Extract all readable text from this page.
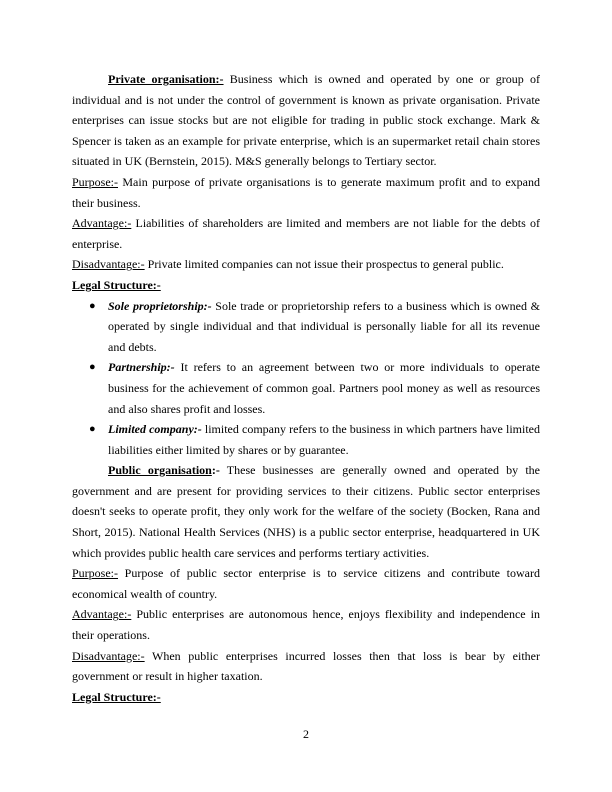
Private organisation:- Business which is owned and operated by one or group of individual and is not under the control of government is known as private organisation. Private enterprises can issue stocks but are not eligible for trading in public stock exchange. Mark & Spencer is taken as an example for private enterprise, which is an supermarket retail chain stores situated in UK (Bernstein, 2015). M&S generally belongs to Tertiary sector.

Purpose:- Main purpose of private organisations is to generate maximum profit and to expand their business.

Advantage:- Liabilities of shareholders are limited and members are not liable for the debts of enterprise.

Disadvantage:- Private limited companies can not issue their prospectus to general public.

Legal Structure:-

● Sole proprietorship:- Sole trade or proprietorship refers to a business which is owned & operated by single individual and that individual is personally liable for all its revenue and debts.
● Partnership:- It refers to an agreement between two or more individuals to operate business for the achievement of common goal. Partners pool money as well as resources and also shares profit and losses.
● Limited company:- limited company refers to the business in which partners have limited liabilities either limited by shares or by guarantee.

Public organisation:- These businesses are generally owned and operated by the government and are present for providing services to their citizens. Public sector enterprises doesn't seeks to operate profit, they only work for the welfare of the society (Bocken, Rana and Short, 2015). National Health Services (NHS) is a public sector enterprise, headquartered in UK which provides public health care services and performs tertiary activities.

Purpose:- Purpose of public sector enterprise is to service citizens and contribute toward economical wealth of country.

Advantage:- Public enterprises are autonomous hence, enjoys flexibility and independence in their operations.

Disadvantage:- When public enterprises incurred losses then that loss is bear by either government or result in higher taxation.

Legal Structure:-

2
